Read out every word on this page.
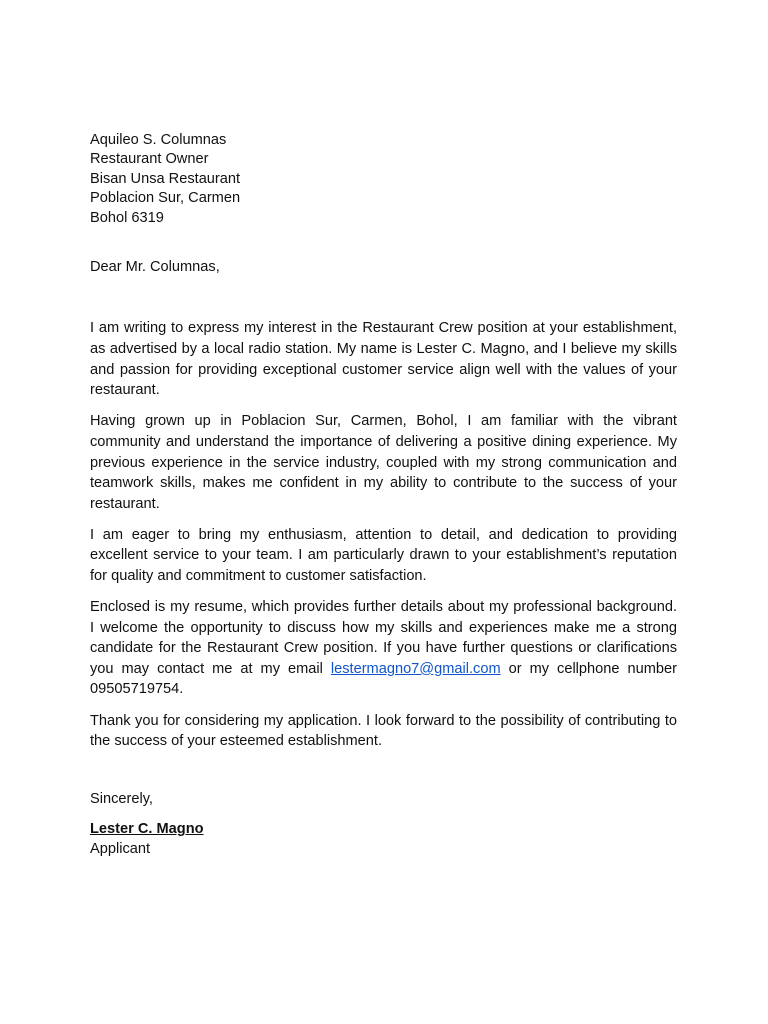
Aquileo S. Columnas
Restaurant Owner
Bisan Unsa Restaurant
Poblacion Sur, Carmen
Bohol 6319
Dear Mr. Columnas,

I am writing to express my interest in the Restaurant Crew position at your establishment, as advertised by a local radio station. My name is Lester C. Magno, and I believe my skills and passion for providing exceptional customer service align well with the values of your restaurant.

Having grown up in Poblacion Sur, Carmen, Bohol, I am familiar with the vibrant community and understand the importance of delivering a positive dining experience. My previous experience in the service industry, coupled with my strong communication and teamwork skills, makes me confident in my ability to contribute to the success of your restaurant.

I am eager to bring my enthusiasm, attention to detail, and dedication to providing excellent service to your team. I am particularly drawn to your establishment’s reputation for quality and commitment to customer satisfaction.

Enclosed is my resume, which provides further details about my professional background. I welcome the opportunity to discuss how my skills and experiences make me a strong candidate for the Restaurant Crew position. If you have further questions or clarifications you may contact me at my email lestermagno7@gmail.com or my cellphone number 09505719754.

Thank you for considering my application. I look forward to the possibility of contributing to the success of your esteemed establishment.

Sincerely,
Lester C. Magno
Applicant
